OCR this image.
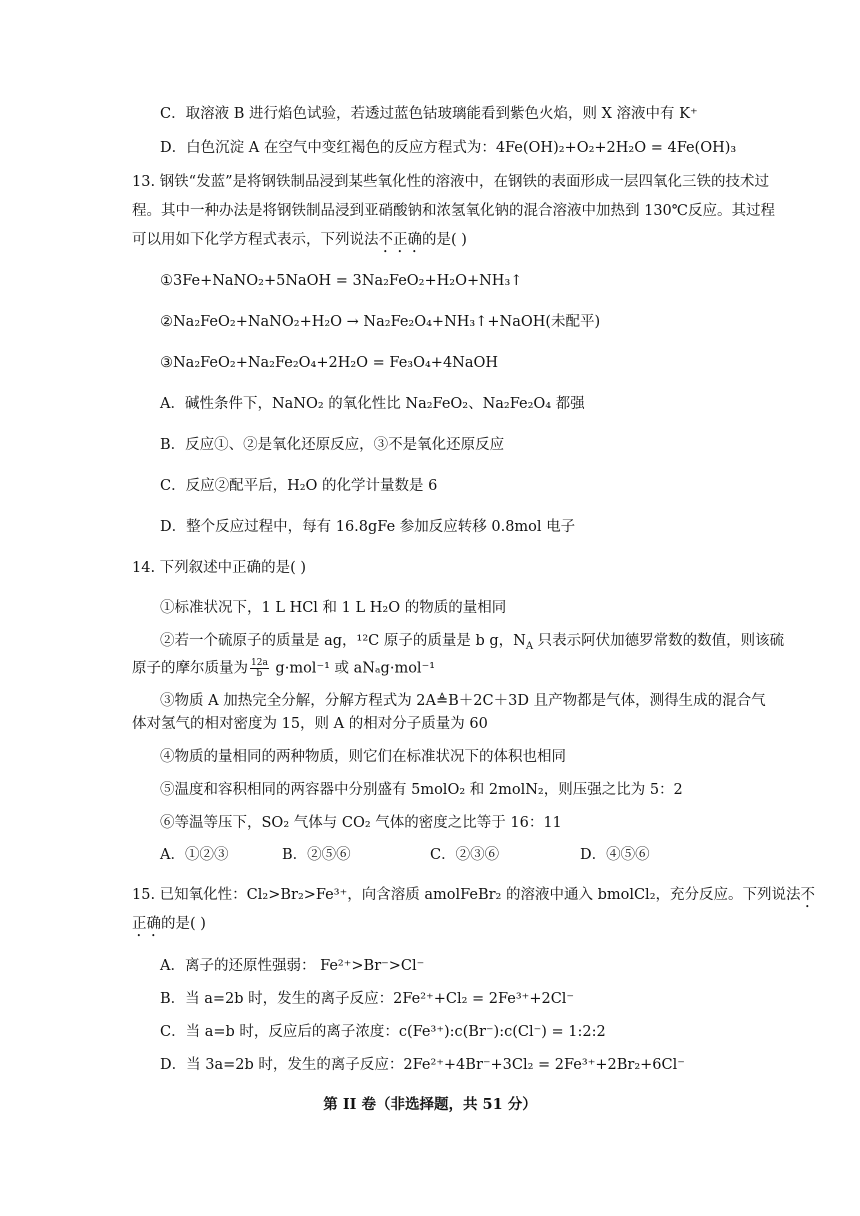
C．取溶液 B 进行焰色试验，若透过蓝色钴玻璃能看到紫色火焰，则 X 溶液中有 K⁺
D．白色沉淀 A 在空气中变红褐色的反应方程式为：4Fe(OH)₂+O₂+2H₂O = 4Fe(OH)₃
13. 钢铁“发蓝”是将钢铁制品浸到某些氧化性的溶液中，在钢铁的表面形成一层四氧化三铁的技术过
程。其中一种办法是将钢铁制品浸到亚硝酸钠和浓氢氧化钠的混合溶液中加热到 130℃反应。其过程
可以用如下化学方程式表示，下列说法不正确的是( )
①3Fe+NaNO₂+5NaOH = 3Na₂FeO₂+H₂O+NH₃↑
②Na₂FeO₂+NaNO₂+H₂O → Na₂Fe₂O₄+NH₃↑+NaOH(未配平)
③Na₂FeO₂+Na₂Fe₂O₄+2H₂O = Fe₃O₄+4NaOH
A．碱性条件下，NaNO₂ 的氧化性比 Na₂FeO₂、Na₂Fe₂O₄ 都强
B．反应①、②是氧化还原反应，③不是氧化还原反应
C．反应②配平后，H₂O 的化学计量数是 6
D．整个反应过程中，每有 16.8gFe 参加反应转移 0.8mol 电子
14. 下列叙述中正确的是( )
①标准状况下，1 L HCl 和 1 L H₂O 的物质的量相同
②若一个硫原子的质量是 ag，¹²C 原子的质量是 b g，$N_A$ 只表示阿伏加德罗常数的数值，则该硫
原子的摩尔质量为 $\frac{12a}{b} g\cdot mol^{-1}$ 或 aNₐg·mol⁻¹
③物质 A 加热完全分解，分解方程式为 2A≜B＋2C＋3D 且产物都是气体，测得生成的混合气
体对氢气的相对密度为 15，则 A 的相对分子质量为 60
④物质的量相同的两种物质，则它们在标准状况下的体积也相同
⑤温度和容积相同的两容器中分别盛有 5molO₂ 和 2molN₂，则压强之比为 5：2
⑥等温等压下，SO₂ 气体与 CO₂ 气体的密度之比等于 16：11
A．①②③	B．②⑤⑥	C．②③⑥	D．④⑤⑥
15. 已知氧化性：Cl₂>Br₂>Fe³⁺，向含溶质 amolFeBr₂ 的溶液中通入 bmolCl₂，充分反应。下列说法不
正确的是( )
A．离子的还原性强弱： Fe²⁺>Br⁻>Cl⁻
B．当 a=2b 时，发生的离子反应：2Fe²⁺+Cl₂ = 2Fe³⁺+2Cl⁻
C．当 a=b 时，反应后的离子浓度：c(Fe³⁺):c(Br⁻):c(Cl⁻) = 1:2:2
D．当 3a=2b 时，发生的离子反应：2Fe²⁺+4Br⁻+3Cl₂ = 2Fe³⁺+2Br₂+6Cl⁻
第 II 卷（非选择题，共 51 分）
